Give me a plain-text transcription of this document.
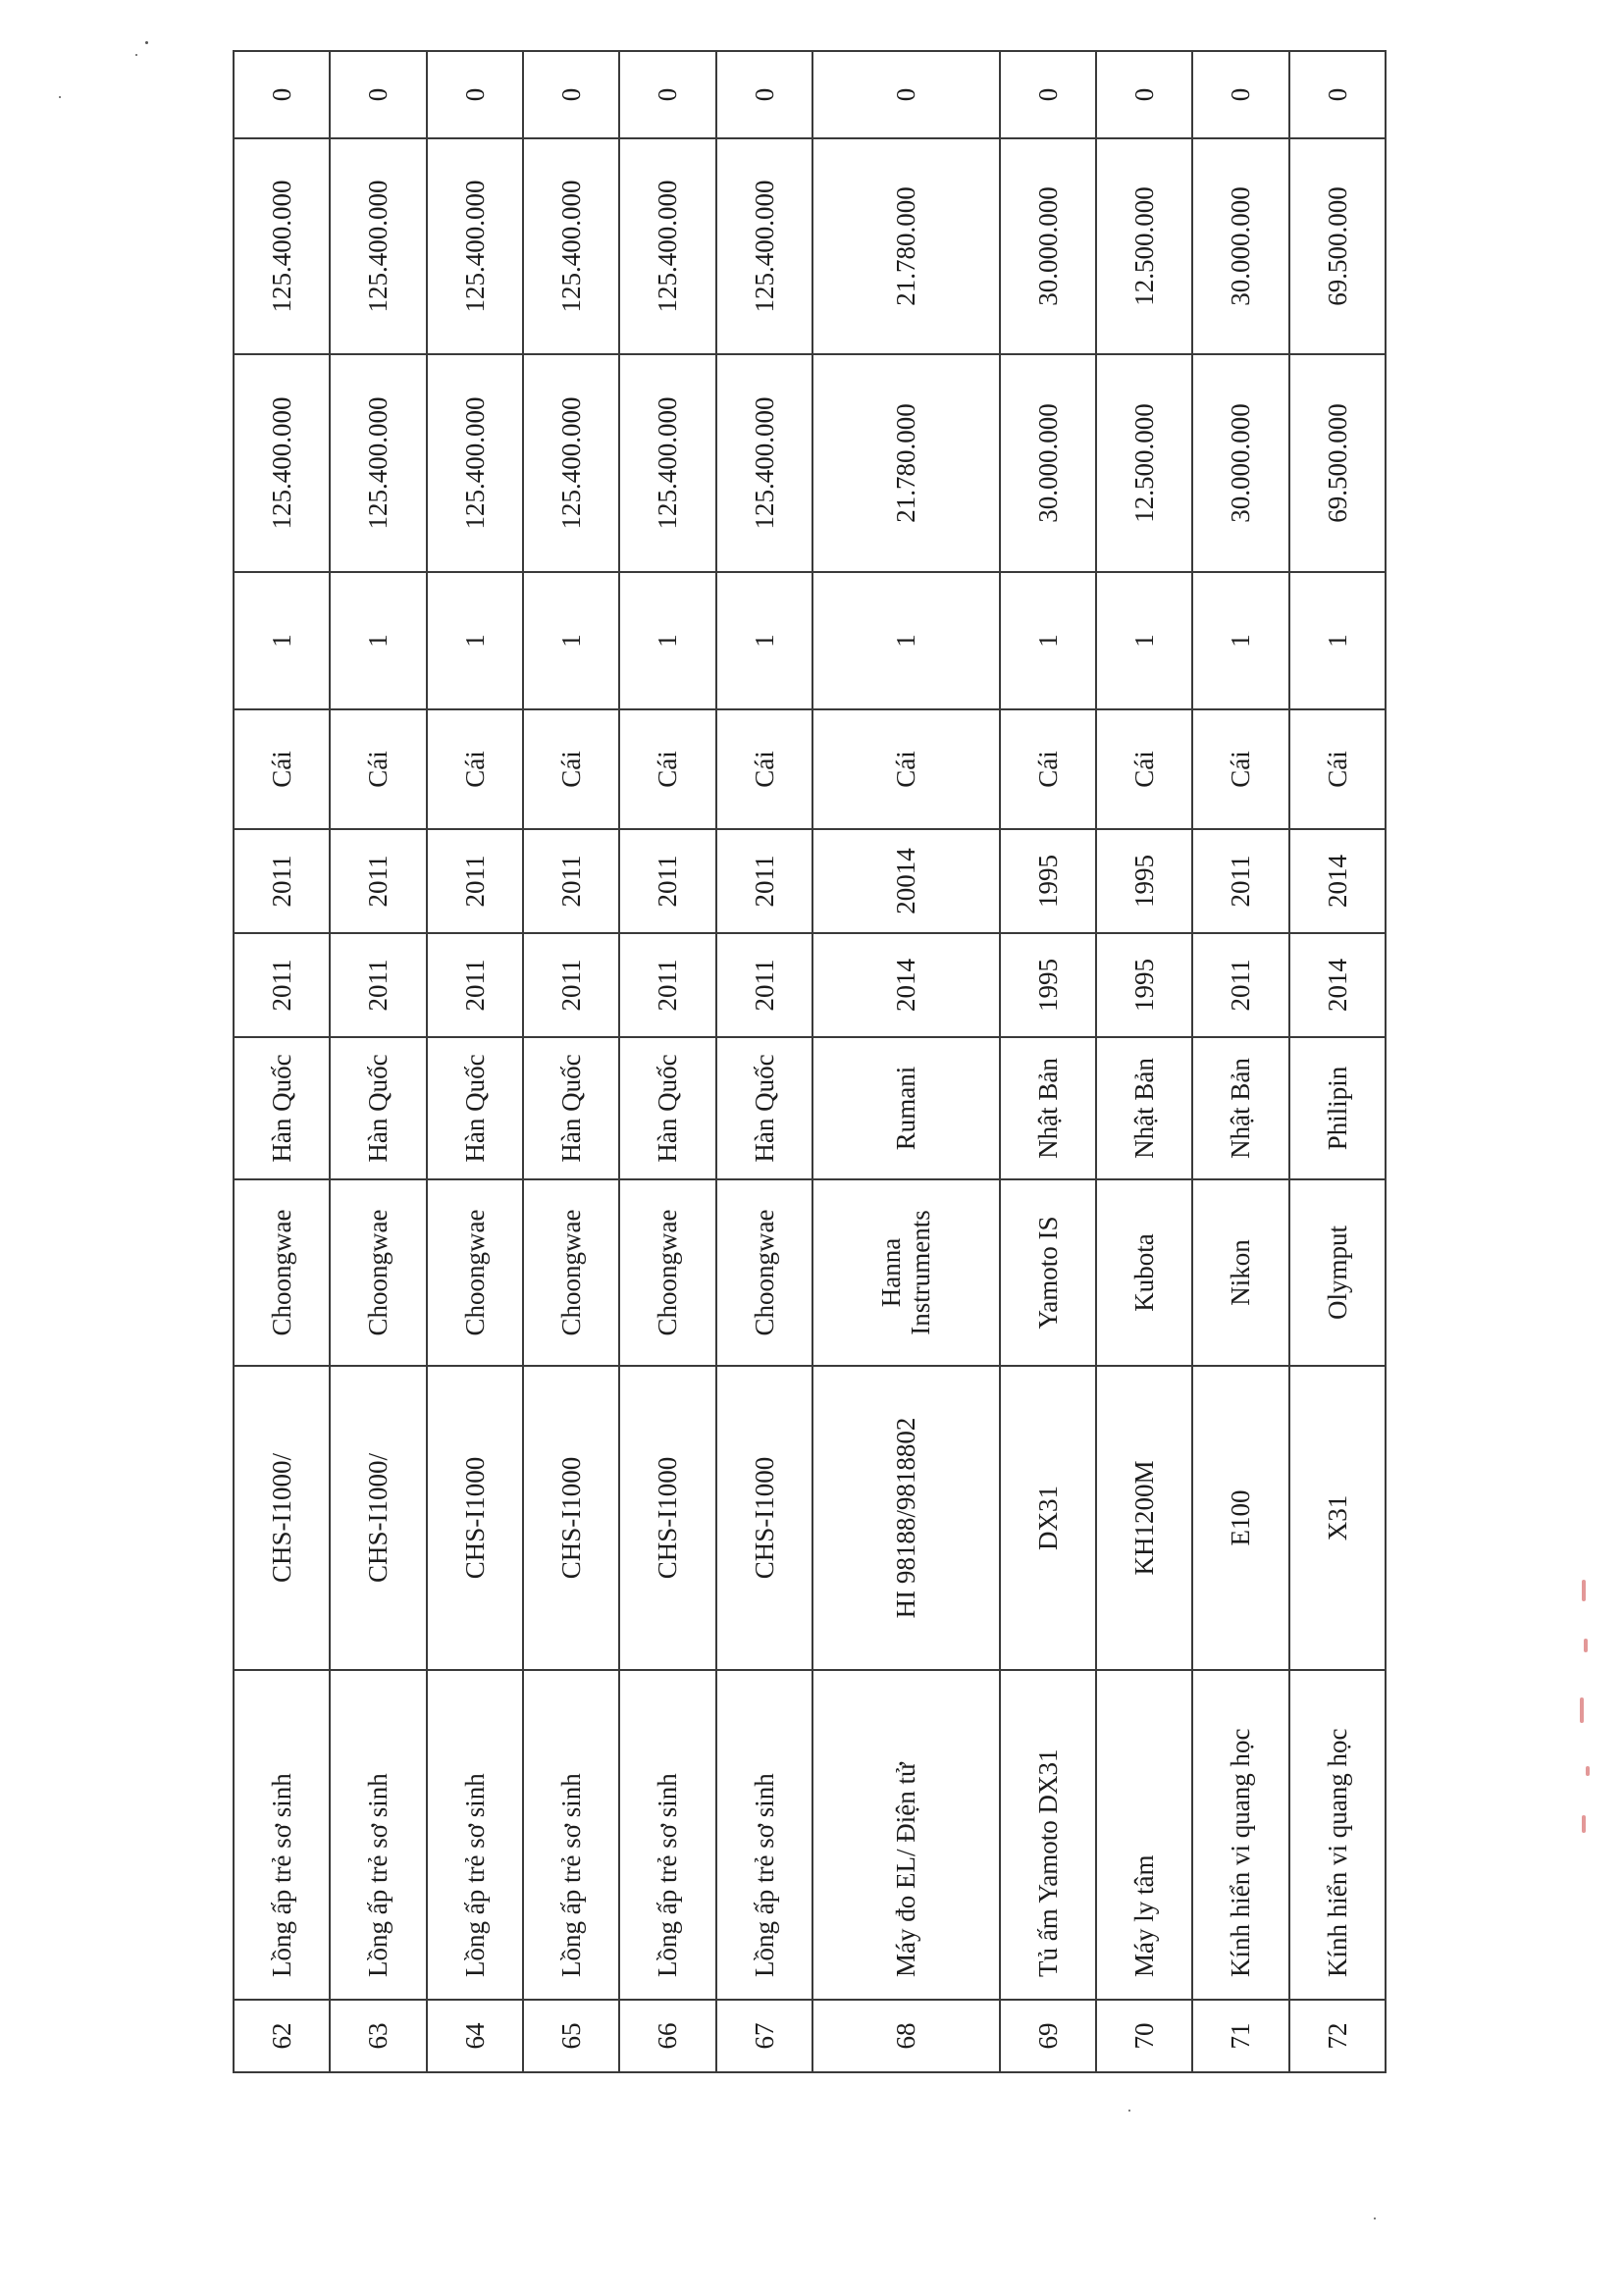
62	Lồng ấp trẻ sơ sinh	CHS-I1000/	Choongwae	Hàn Quốc	2011	2011	Cái	1	125.400.000	125.400.000	0
63	Lồng ấp trẻ sơ sinh	CHS-I1000/	Choongwae	Hàn Quốc	2011	2011	Cái	1	125.400.000	125.400.000	0
64	Lồng ấp trẻ sơ sinh	CHS-I1000	Choongwae	Hàn Quốc	2011	2011	Cái	1	125.400.000	125.400.000	0
65	Lồng ấp trẻ sơ sinh	CHS-I1000	Choongwae	Hàn Quốc	2011	2011	Cái	1	125.400.000	125.400.000	0
66	Lồng ấp trẻ sơ sinh	CHS-I1000	Choongwae	Hàn Quốc	2011	2011	Cái	1	125.400.000	125.400.000	0
67	Lồng ấp trẻ sơ sinh	CHS-I1000	Choongwae	Hàn Quốc	2011	2011	Cái	1	125.400.000	125.400.000	0
68	Máy đo EL/ Điện tử	HI 98188/9818802	Hanna Instruments	Rumani	2014	20014	Cái	1	21.780.000	21.780.000	0
69	Tủ ấm Yamoto DX31	DX31	Yamoto IS	Nhật Bản	1995	1995	Cái	1	30.000.000	30.000.000	0
70	Máy ly tâm	KH1200M	Kubota	Nhật Bản	1995	1995	Cái	1	12.500.000	12.500.000	0
71	Kính hiển vi quang học	E100	Nikon	Nhật Bản	2011	2011	Cái	1	30.000.000	30.000.000	0
72	Kính hiển vi quang học	X31	Olymput	Philipin	2014	2014	Cái	1	69.500.000	69.500.000	0
